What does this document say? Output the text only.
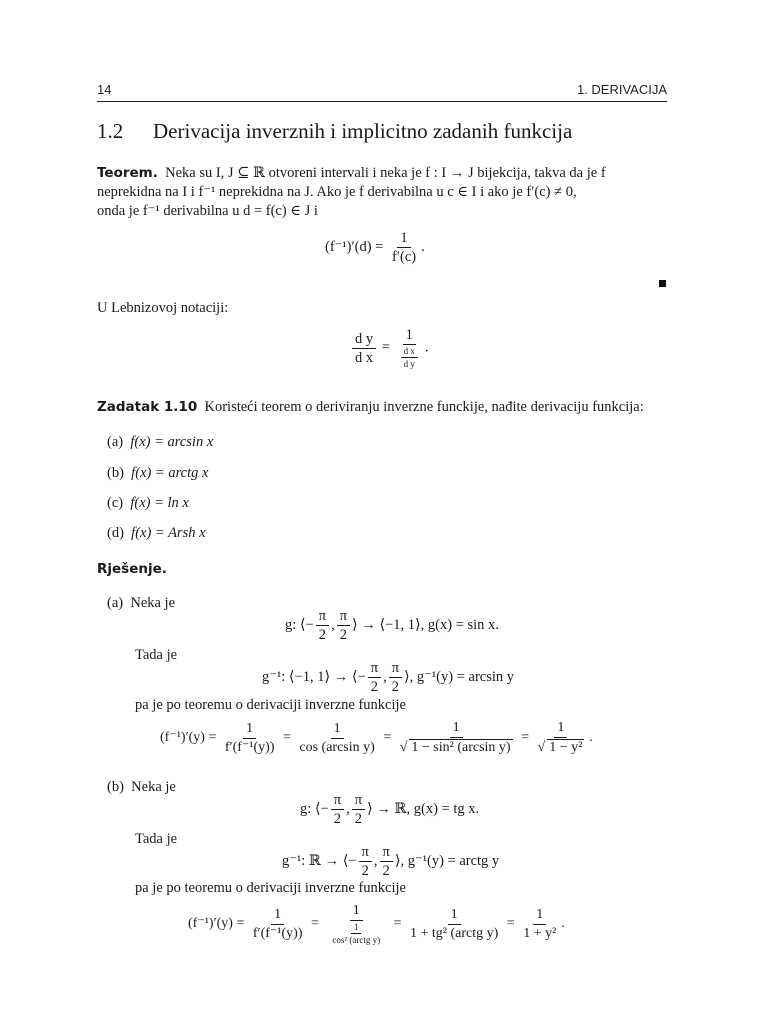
14	1. DERIVACIJA
1.2 Derivacija inverznih i implicitno zadanih funkcija
Teorem. Neka su I, J ⊆ ℝ otvoreni intervali i neka je f : I → J bijekcija, takva da je f
neprekidna na I i f⁻¹ neprekidna na J. Ako je f derivabilna u c ∈ I i ako je f′(c) ≠ 0,
onda je f⁻¹ derivabilna u d = f(c) ∈ J i
$(f^{-1})'(d) = \frac{1}{f'(c)}$ .
U Lebnizovoj notaciji:
$\frac{\text{d y}}{\text{d x}} = \frac{1}{\frac{\text{d x}}{\text{d y}}}$ .
Zadatak 1.10 Koristeći teorem o deriviranju inverzne funckije, nađite derivaciju funkcija:
(a) f(x) = arcsin x
(b) f(x) = arctg x
(c) f(x) = ln x
(d) f(x) = Arsh x
Rješenje.
(a) Neka je
g: ⟨− $\frac{\pi}{2}$ , $\frac{\pi}{2}$ ⟩ → ⟨−1, 1⟩, g(x) = sin x.
Tada je
g⁻¹: ⟨−1, 1⟩ → ⟨− $\frac{\pi}{2}$ , $\frac{\pi}{2}$ ⟩, g⁻¹(y) = arcsin y
pa je po teoremu o derivaciji inverzne funkcije
$(f^{-1})'(y) = \frac{1}{\text{f′(f⁻¹(y))}} = \frac{1}{\text{cos (arcsin y)}} = \frac{1}{\text{√ 1 − sin² (arcsin y)}} = \frac{1}{\text{√ 1 − y²}}$ .
(b) Neka je
g: ⟨− $\frac{\pi}{2}$ , $\frac{\pi}{2}$ ⟩ → ℝ, g(x) = tg x.
Tada je
g⁻¹: ℝ → ⟨− $\frac{\pi}{2}$ , $\frac{\pi}{2}$ ⟩, g⁻¹(y) = arctg y
pa je po teoremu o derivaciji inverzne funkcije
$(f^{-1})'(y) = \frac{1}{\text{f′(f⁻¹(y))}} = \frac{1}{\frac{1}{\text{cos² (arctg y)}}} = \frac{1}{\text{1 + tg² (arctg y)}} = \frac{1}{\text{1 + y²}}$ .
